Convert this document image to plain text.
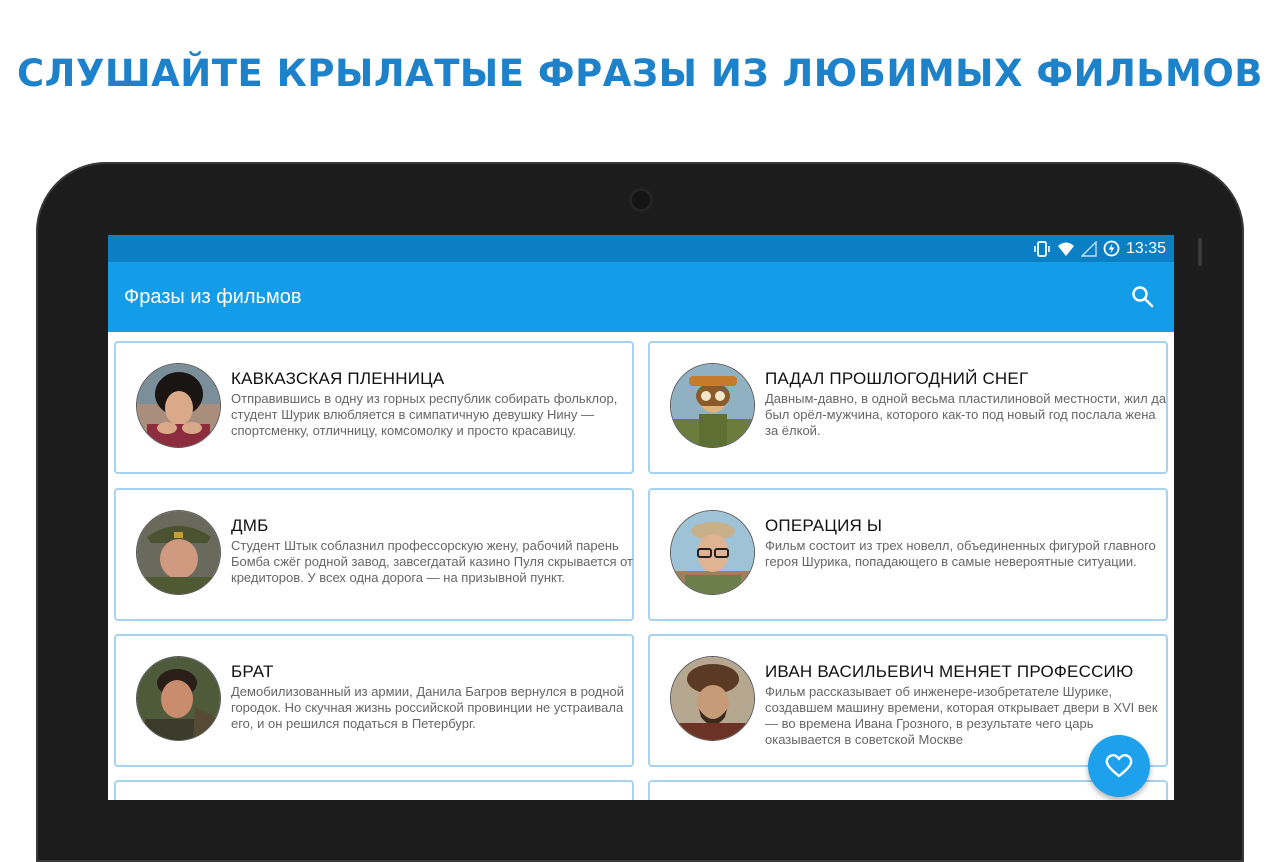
СЛУШАЙТЕ КРЫЛАТЫЕ ФРАЗЫ ИЗ ЛЮБИМЫХ ФИЛЬМОВ
13:35
Фразы из фильмов
КАВКАЗСКАЯ ПЛЕННИЦА
Отправившись в одну из горных республик собирать фольклор, студент Шурик влюбляется в симпатичную девушку Нину — спортсменку, отличницу, комсомолку и просто красавицу.
ПАДАЛ ПРОШЛОГОДНИЙ СНЕГ
Давным-давно, в одной весьма пластилиновой местности, жил да был орёл-мужчина, которого как-то под новый год послала жена за ёлкой.
ДМБ
Студент Штык соблазнил профессорскую жену, рабочий парень Бомба сжёг родной завод, завсегдатай казино Пуля скрывается от кредиторов. У всех одна дорога — на призывной пункт.
ОПЕРАЦИЯ Ы
Фильм состоит из трех новелл, объединенных фигурой главного героя Шурика, попадающего в самые невероятные ситуации.
БРАТ
Демобилизованный из армии, Данила Багров вернулся в родной городок. Но скучная жизнь российской провинции не устраивала его, и он решился податься в Петербург.
ИВАН ВАСИЛЬЕВИЧ МЕНЯЕТ ПРОФЕССИЮ
Фильм рассказывает об инженере-изобретателе Шурике, создавшем машину времени, которая открывает двери в XVI век — во времена Ивана Грозного, в результате чего царь оказывается в советской Москве
